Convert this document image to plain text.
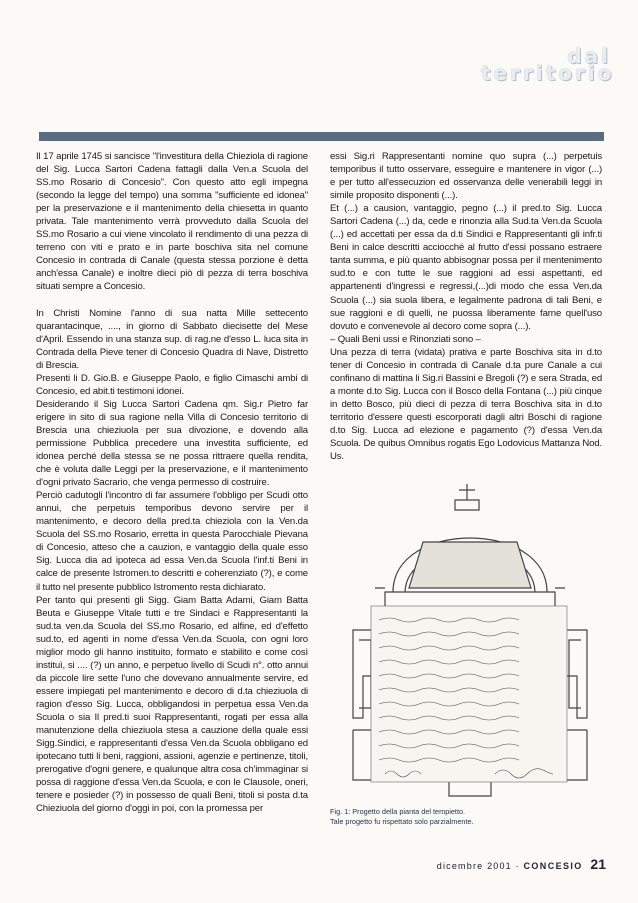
dal
territorio

Il 17 aprile 1745 si sancisce "l'investitura della Chieziola di ragione del Sig. Lucca Sartori Cadena fattagli dalla Ven.a Scuola del SS.mo Rosario di Concesio". Con questo atto egli impegna (secondo la legge del tempo) una somma "sufficiente ed idonea" per la preservazione e il mantenimento della chiesetta in quanto privata. Tale mantenimento verrà provveduto dalla Scuola del SS.mo Rosario a cui viene vincolato il rendimento di una pezza di terreno con viti e prato e in parte boschiva sita nel comune Concesio in contrada di Canale (questa stessa porzione è detta anch'essa Canale) e inoltre dieci piò di pezza di terra boschiva situati sempre a Concesio.

In Christi Nomine l'anno di sua natta Mille settecento quarantacinque, ...., in giorno di Sabbato diecisette del Mese d'April. Essendo in una stanza sup. di rag.ne d'esso L. luca sita in Contrada della Pieve tener di Concesio Quadra di Nave, Distretto di Brescia.

Presenti li D. Gio.B. e Giuseppe Paolo, e figlio Cimaschi ambi di Concesio, ed abit.ti testimoni idonei.

Desiderando il Sig Lucca Sartori Cadena qm. Sig.r Pietro far erigere in sito di sua ragione nella Villa di Concesio territorio di Brescia una chieziuola per sua divozione, e dovendo alla permissione Pubblica precedere una investita sufficiente, ed idonea perché della stessa se ne possa rittraere quella rendita, che è voluta dalle Leggi per la preservazione, e il mantenimento d'ogni privato Sacrario, che venga permesso di costruire.

Perciò cadutogli l'incontro di far assumere l'obbligo per Scudi otto annui, che perpetuis temporibus devono servire per il mantenimento, e decoro della pred.ta chieziola con la Ven.da Scuola del SS.mo Rosario, erretta in questa Parocchiale Pievana di Concesio, atteso che a cauzion, e vantaggio della quale esso Sig. Lucca dia ad ipoteca ad essa Ven.da Scuola l'inf.ti Beni in calce de presente Istromen.to descritti e coherenziato (?), e come il tutto nel presente pubblico Istromento resta dichiarato.

Per tanto qui presenti gli Sigg. Giam Batta Adami, Giam Batta Beuta e Giuseppe Vitale tutti e tre Sindaci e Rappresentanti la sud.ta ven.da Scuola del SS.mo Rosario, ed alfine, ed d'effetto sud.to, ed agenti in nome d'essa Ven.da Scuola, con ogni loro miglior modo gli hanno instituito, formato e stabilito e come così instituì, si .... (?) un anno, e perpetuo livello di Scudi n°. otto annui da piccole lire sette l'uno che dovevano annualmente servire, ed essere impiegati pel mantenimento e decoro di d.ta chieziuola di ragion d'esso Sig. Lucca, obbligandosi in perpetua essa Ven.da Scuola o sia Il pred.ti suoi Rappresentanti, rogati per essa alla manutenzione della chieziuola stesa a cauzione della quale essi Sigg.Sindici, e rappresentanti d'essa Ven.da Scuola obbligano ed ipotecano tutti li beni, raggioni, assioni, agenzie e pertinenze, titoli, prerogative d'ogni genere, e qualunque altra cosa ch'immaginar si possa di raggione d'essa Ven.da Scuola, e con le Clausole, oneri, tenere e posieder (?) in possesso de quali Beni, titoli si posta d.ta Chieziuola del giorno d'oggi in poi, con la promessa per

essi Sig.ri Rappresentanti nomine quo supra (...) perpetuis temporibus il tutto osservare, esseguire e mantenere in vigor (...) e per tutto all'essecuzion ed osservanza delle venerabili leggi in simile proposito disponenti (...).

Et (...) a causion, vantaggio, pegno (...) il pred.to Sig. Lucca Sartori Cadena (...) da, cede e rinonzia alla Sud.ta Ven.da Scuola (...) ed accettati per essa da d.ti Sindici e Rappresentanti gli infr.ti Beni in calce descritti acciocché al frutto d'essi possano estraere tanta summa, e più quanto abbisognar possa per il mentenimento sud.to e con tutte le sue raggioni ad essi aspettanti, ed appartenenti d'ingressi e regressi,(...)di modo che essa Ven.da Scuola (...) sia suola libera, e legalmente padrona di tali Beni, e sue raggioni e di quelli, ne puossa liberamente farne quell'uso dovuto e convenevole al decoro come sopra (...).

– Quali Beni ussi e Rinonziati sono –

Una pezza di terra (vidata) prativa e parte Boschiva sita in d.to tener di Concesio in contrada di Canale d.ta pure Canale a cui confinano di mattina li Sig.ri Bassini e Bregoli (?) e sera Strada, ed a monte d.to Sig. Lucca con il Bosco della Fontana (...) più cinque in detto Bosco, più dieci di pezza di terra Boschiva sita in d.to territorio d'essere questi escorporati dagli altri Boschi di ragione d.to Sig. Lucca ad elezione e pagamento (?) d'essa Ven.da Scuola. De quibus Omnibus rogatis Ego Lodovicus Mattanza Nod. Us.

Fig. 1: Progetto della pianta del tempietto.
Tale progetto fu rispettato solo parzialmente.
dicembre 2001 · CONCESIO 21
